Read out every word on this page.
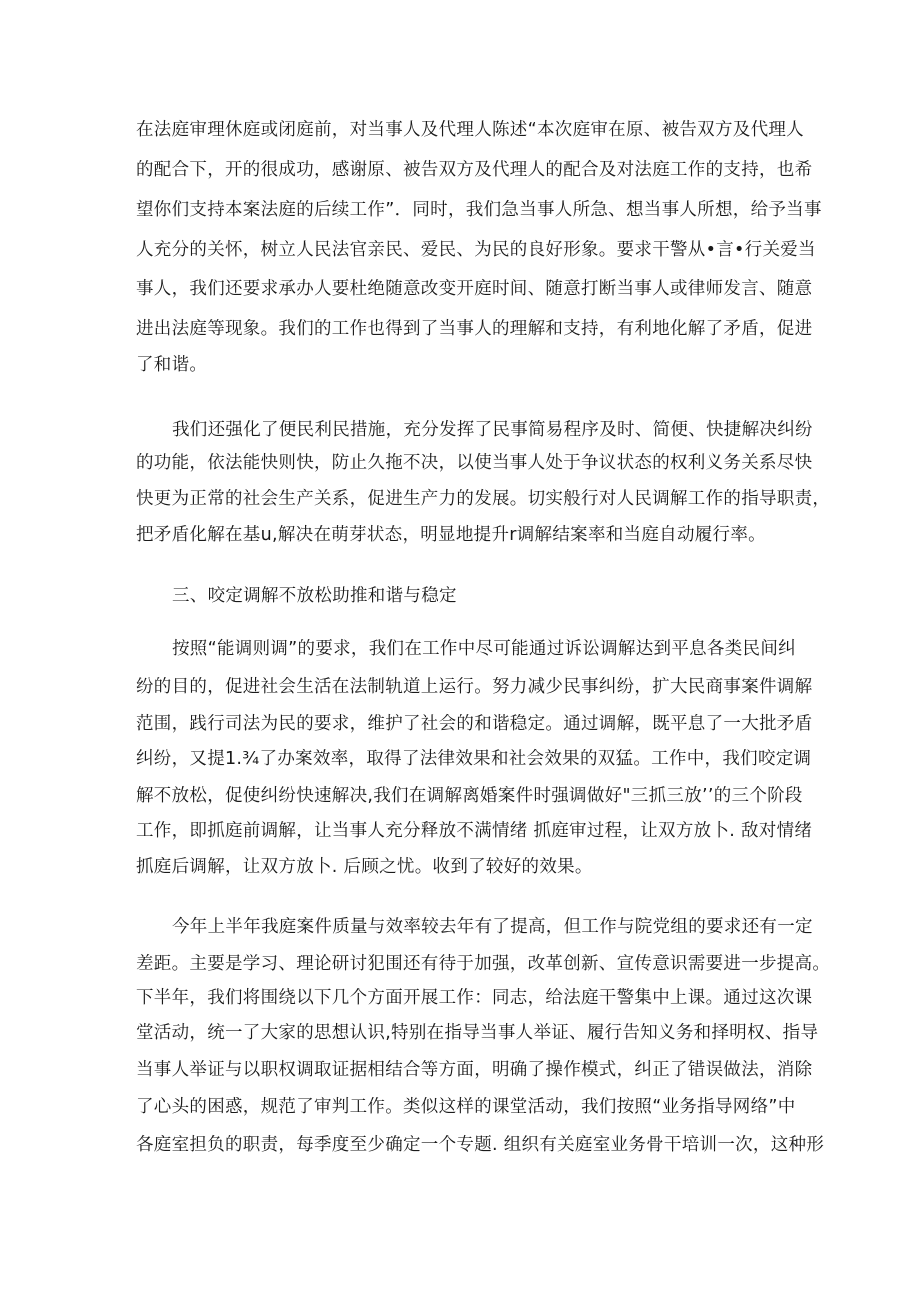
在法庭审理休庭或闭庭前，对当事人及代理人陈述“本次庭审在原、被告双方及代理人
的配合下，开的很成功，感谢原、被告双方及代理人的配合及对法庭工作的支持，也希
望你们支持本案法庭的后续工作”．同时，我们急当事人所急、想当事人所想，给予当事
人充分的关怀，树立人民法官亲民、爱民、为民的良好形象。要求干警从•言•行关爱当
事人，我们还要求承办人要杜绝随意改变开庭时间、随意打断当事人或律师发言、随意
进出法庭等现象。我们的工作也得到了当事人的理解和支持，有利地化解了矛盾，促进
了和谐。
我们还强化了便民利民措施，充分发挥了民事简易程序及时、简便、快捷解决纠纷
的功能，依法能快则快，防止久拖不决，以使当事人处于争议状态的权利义务关系尽快
快更为正常的社会生产关系，促进生产力的发展。切实般行对人民调解工作的指导职责，
把矛盾化解在基u,解决在萌芽状态，明显地提升r调解结案率和当庭自动履行率。
三、咬定调解不放松助推和谐与稳定
按照“能调则调”的要求，我们在工作中尽可能通过诉讼调解达到平息各类民间纠
纷的目的，促进社会生活在法制轨道上运行。努力减少民事纠纷，扩大民商事案件调解
范围，践行司法为民的要求，维护了社会的和谐稳定。通过调解，既平息了一大批矛盾
纠纷，又提1.¾了办案效率，取得了法律效果和社会效果的双猛。工作中，我们咬定调
解不放松，促使纠纷快速解决,我们在调解离婚案件时强调做好"三抓三放’’的三个阶段
工作，即抓庭前调解，让当事人充分释放不满情绪 抓庭审过程，让双方放卜. 敌对情绪
抓庭后调解，让双方放卜. 后顾之忧。收到了较好的效果。
今年上半年我庭案件质量与效率较去年有了提高，但工作与院党组的要求还有一定
差距。主要是学习、理论研讨犯围还有待于加强，改革创新、宣传意识需要进一步提高。
下半年，我们将围绕以下几个方面开展工作：同志，给法庭干警集中上课。通过这次课
堂活动，统一了大家的思想认识,特别在指导当事人举证、履行告知义务和择明权、指导
当事人举证与以职权调取证据相结合等方面，明确了操作模式，纠正了错误做法，消除
了心头的困惑，规范了审判工作。类似这样的课堂活动，我们按照“业务指导网络”中
各庭室担负的职责，每季度至少确定一个专题. 组织有关庭室业务骨干培训一次，这种形
